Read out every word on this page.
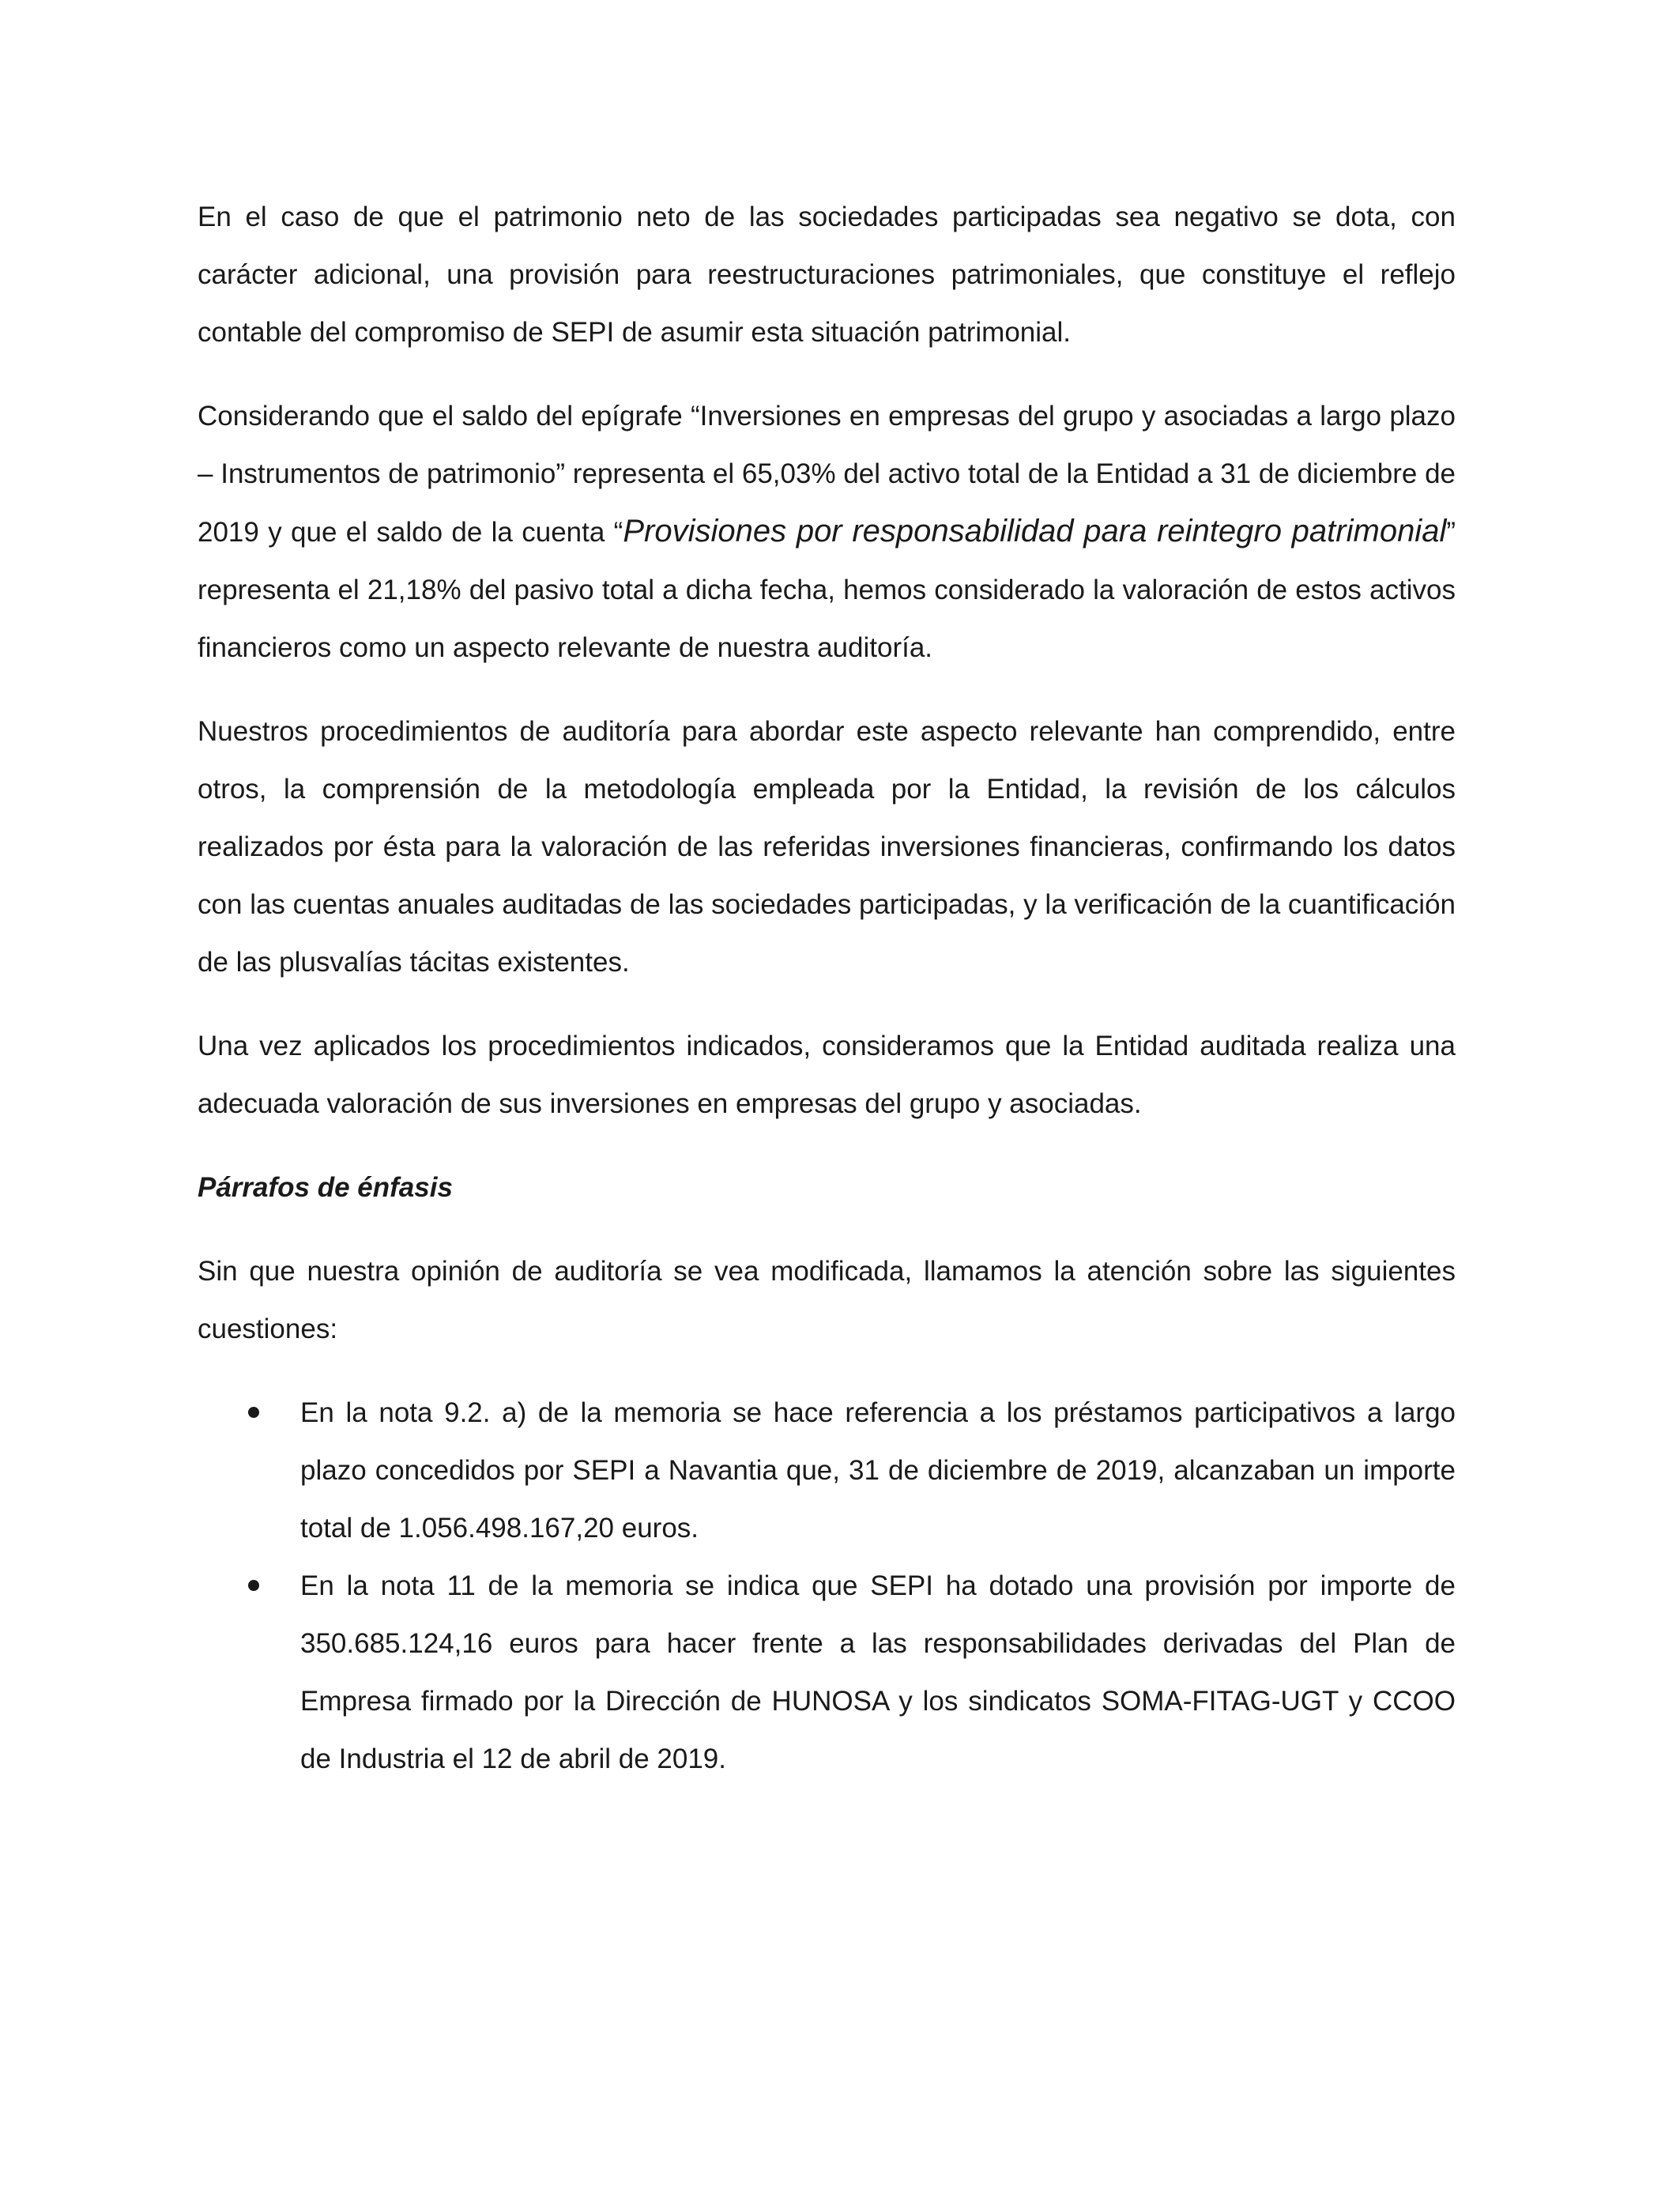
En el caso de que el patrimonio neto de las sociedades participadas sea negativo se dota, con carácter adicional, una provisión para reestructuraciones patrimoniales, que constituye el reflejo contable del compromiso de SEPI de asumir esta situación patrimonial.

Considerando que el saldo del epígrafe “Inversiones en empresas del grupo y asociadas a largo plazo – Instrumentos de patrimonio” representa el 65,03% del activo total de la Entidad a 31 de diciembre de 2019 y que el saldo de la cuenta “Provisiones por responsabilidad para reintegro patrimonial” representa el 21,18% del pasivo total a dicha fecha, hemos considerado la valoración de estos activos financieros como un aspecto relevante de nuestra auditoría.

Nuestros procedimientos de auditoría para abordar este aspecto relevante han comprendido, entre otros, la comprensión de la metodología empleada por la Entidad, la revisión de los cálculos realizados por ésta para la valoración de las referidas inversiones financieras, confirmando los datos con las cuentas anuales auditadas de las sociedades participadas, y la verificación de la cuantificación de las plusvalías tácitas existentes.

Una vez aplicados los procedimientos indicados, consideramos que la Entidad auditada realiza una adecuada valoración de sus inversiones en empresas del grupo y asociadas.

Párrafos de énfasis

Sin que nuestra opinión de auditoría se vea modificada, llamamos la atención sobre las siguientes cuestiones:

En la nota 9.2. a) de la memoria se hace referencia a los préstamos participativos a largo plazo concedidos por SEPI a Navantia que, 31 de diciembre de 2019, alcanzaban un importe total de 1.056.498.167,20 euros.
En la nota 11 de la memoria se indica que SEPI ha dotado una provisión por importe de 350.685.124,16 euros para hacer frente a las responsabilidades derivadas del Plan de Empresa firmado por la Dirección de HUNOSA y los sindicatos SOMA-FITAG-UGT y CCOO de Industria el 12 de abril de 2019.
